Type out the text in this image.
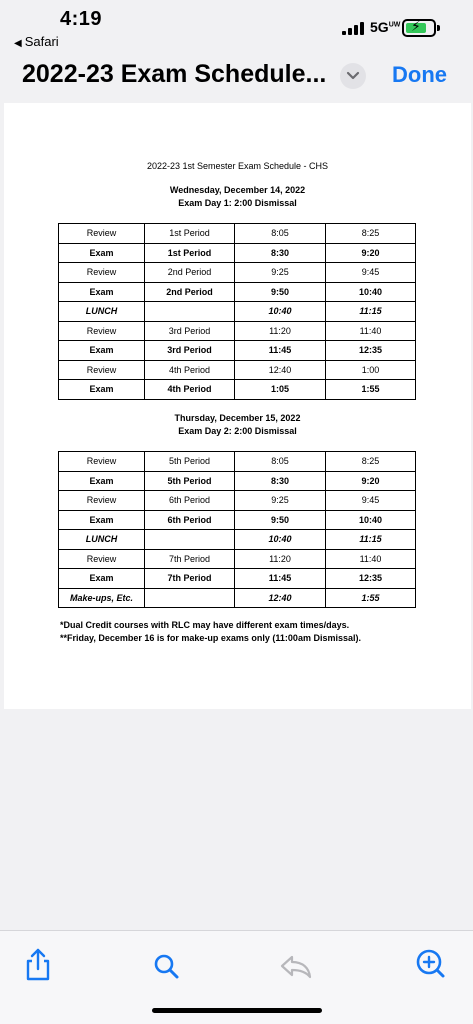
4:19
◀ Safari
$5G^{UW}$ ⚡
2022-23 Exam Schedule...	Done
2022-23 1st Semester Exam Schedule - CHS
Wednesday, December 14, 2022
Exam Day 1: 2:00 Dismissal
Review	1st Period	8:05	8:25
Exam	1st Period	8:30	9:20
Review	2nd Period	9:25	9:45
Exam	2nd Period	9:50	10:40
LUNCH		10:40	11:15
Review	3rd Period	11:20	11:40
Exam	3rd Period	11:45	12:35
Review	4th Period	12:40	1:00
Exam	4th Period	1:05	1:55
Thursday, December 15, 2022
Exam Day 2: 2:00 Dismissal
Review	5th Period	8:05	8:25
Exam	5th Period	8:30	9:20
Review	6th Period	9:25	9:45
Exam	6th Period	9:50	10:40
LUNCH		10:40	11:15
Review	7th Period	11:20	11:40
Exam	7th Period	11:45	12:35
Make-ups, Etc.		12:40	1:55
*Dual Credit courses with RLC may have different exam times/days.
**Friday, December 16 is for make-up exams only (11:00am Dismissal).
